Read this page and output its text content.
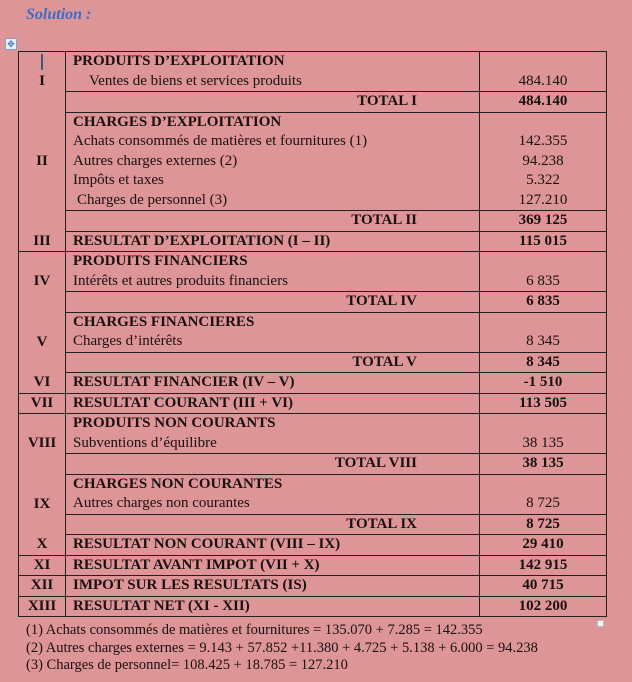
Solution :
✥
	PRODUITS D’EXPLOITATION	
I	Ventes de biens et services produits	484.140
	TOTAL I	484.140
	CHARGES D’EXPLOITATION	
	Achats consommés de matières et fournitures (1)	142.355
II	Autres charges externes (2)	94.238
	Impôts et taxes	5.322
	Charges de personnel (3)	127.210
	TOTAL II	369 125
III	RESULTAT D’EXPLOITATION (I – II)	115 015
	PRODUITS FINANCIERS	
IV	Intérêts et autres produits financiers	6 835
	TOTAL IV	6 835
	CHARGES FINANCIERES	
V	Charges d’intérêts	8 345
	TOTAL V	8 345
VI	RESULTAT FINANCIER (IV – V)	-1 510
VII	RESULTAT COURANT (III + VI)	113 505
	PRODUITS NON COURANTS	
VIII	Subventions d’équilibre	38 135
	TOTAL VIII	38 135
	CHARGES NON COURANTES	
IX	Autres charges non courantes	8 725
	TOTAL IX	8 725
X	RESULTAT NON COURANT (VIII – IX)	29 410
XI	RESULTAT AVANT IMPOT (VII + X)	142 915
XII	IMPOT SUR LES RESULTATS (IS)	40 715
XIII	RESULTAT NET (XI - XII)	102 200
(1) Achats consommés de matières et fournitures = 135.070 + 7.285 = 142.355
(2) Autres charges externes = 9.143 + 57.852 +11.380 + 4.725 + 5.138 + 6.000 = 94.238
(3) Charges de personnel= 108.425 + 18.785 = 127.210
